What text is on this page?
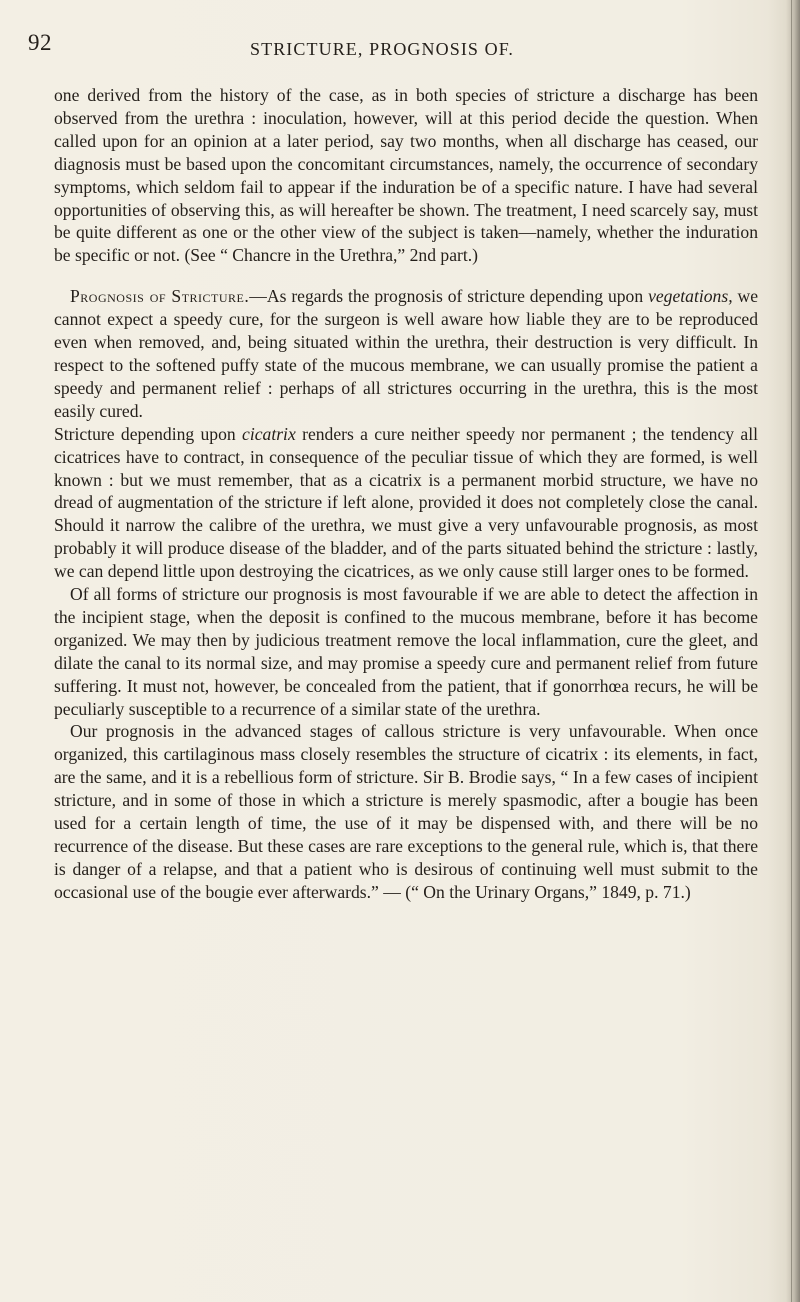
92	STRICTURE, PROGNOSIS OF.

one derived from the history of the case, as in both species of stricture a discharge has been observed from the urethra : inoculation, however, will at this period decide the question. When called upon for an opinion at a later period, say two months, when all discharge has ceased, our diagnosis must be based upon the concomitant circumstances, namely, the occurrence of secondary symptoms, which seldom fail to appear if the induration be of a specific nature. I have had several opportunities of observing this, as will hereafter be shown. The treatment, I need scarcely say, must be quite different as one or the other view of the subject is taken—namely, whether the induration be specific or not. (See “ Chancre in the Urethra,” 2nd part.)

Prognosis of Stricture.—As regards the prognosis of stricture depending upon vegetations, we cannot expect a speedy cure, for the surgeon is well aware how liable they are to be reproduced even when removed, and, being situated within the urethra, their destruction is very difficult. In respect to the softened puffy state of the mucous membrane, we can usually promise the patient a speedy and permanent relief : perhaps of all strictures occurring in the urethra, this is the most easily cured.

Stricture depending upon cicatrix renders a cure neither speedy nor permanent ; the tendency all cicatrices have to contract, in consequence of the peculiar tissue of which they are formed, is well known : but we must remember, that as a cicatrix is a permanent morbid structure, we have no dread of augmentation of the stricture if left alone, provided it does not completely close the canal. Should it narrow the calibre of the urethra, we must give a very unfavourable prognosis, as most probably it will produce disease of the bladder, and of the parts situated behind the stricture : lastly, we can depend little upon destroying the cicatrices, as we only cause still larger ones to be formed.

Of all forms of stricture our prognosis is most favourable if we are able to detect the affection in the incipient stage, when the deposit is confined to the mucous membrane, before it has become organized. We may then by judicious treatment remove the local inflammation, cure the gleet, and dilate the canal to its normal size, and may promise a speedy cure and permanent relief from future suffering. It must not, however, be concealed from the patient, that if gonorrhœa recurs, he will be peculiarly susceptible to a recurrence of a similar state of the urethra.

Our prognosis in the advanced stages of callous stricture is very unfavourable. When once organized, this cartilaginous mass closely resembles the structure of cicatrix : its elements, in fact, are the same, and it is a rebellious form of stricture. Sir B. Brodie says, “ In a few cases of incipient stricture, and in some of those in which a stricture is merely spasmodic, after a bougie has been used for a certain length of time, the use of it may be dispensed with, and there will be no recurrence of the disease. But these cases are rare exceptions to the general rule, which is, that there is danger of a relapse, and that a patient who is desirous of continuing well must submit to the occasional use of the bougie ever afterwards.” — (“ On the Urinary Organs,” 1849, p. 71.)
